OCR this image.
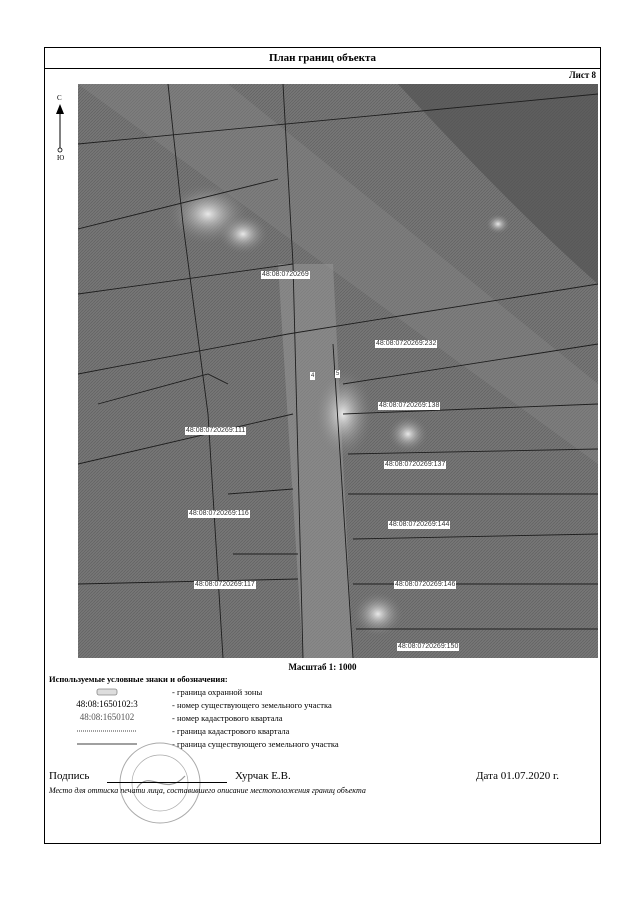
План границ объекта
Лист 8
С
Ю
48:08:0720269
48:08:0720269:232
48:08:0720269:138
48:08:0720269:111
48:08:0720269:137
48:08:0720269:116
48:08:0720269:144
48:08:0720269:117	48:08:0720269:146
48:08:0720269:150
4	5
Масштаб 1: 1000
Используемые условные знаки и обозначения:
- граница охранной зоны
48:08:1650102:3	- номер существующего земельного участка
48:08:1650102	- номер кадастрового квартала
- граница кадастрового квартала
- граница существующего земельного участка
Подпись	Хурчак Е.В.	Дата 01.07.2020 г.
Место для оттиска печати лица, составившего описание местоположения границ объекта
